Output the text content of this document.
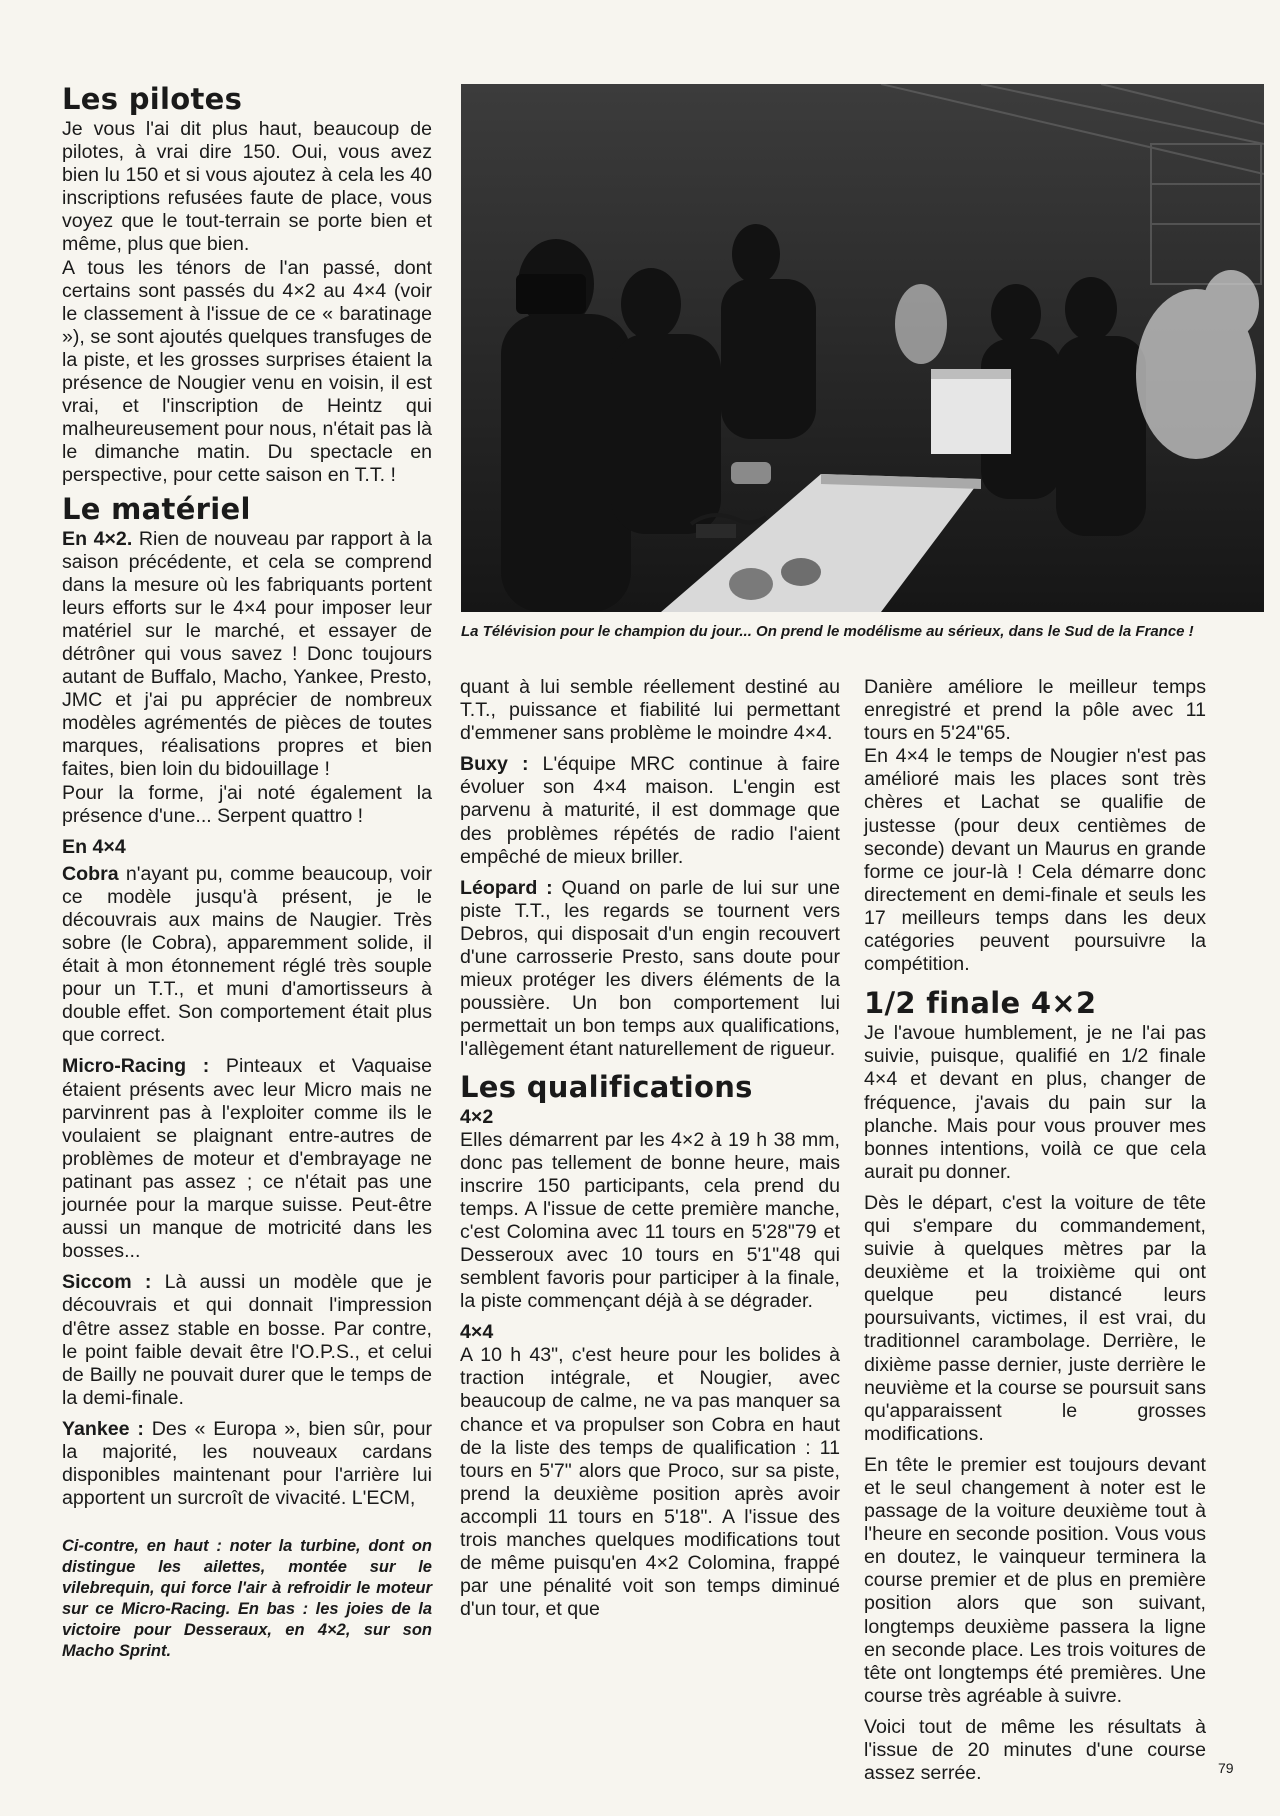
Les pilotes

Je vous l'ai dit plus haut, beaucoup de pilotes, à vrai dire 150. Oui, vous avez bien lu 150 et si vous ajoutez à cela les 40 inscriptions refusées faute de place, vous voyez que le tout-terrain se porte bien et même, plus que bien.

A tous les ténors de l'an passé, dont certains sont passés du 4×2 au 4×4 (voir le classement à l'issue de ce « baratinage »), se sont ajoutés quelques transfuges de la piste, et les grosses surprises étaient la présence de Nougier venu en voisin, il est vrai, et l'inscription de Heintz qui malheureusement pour nous, n'était pas là le dimanche matin. Du spectacle en perspective, pour cette saison en T.T. !

Le matériel

En 4×2. Rien de nouveau par rapport à la saison précédente, et cela se comprend dans la mesure où les fabriquants portent leurs efforts sur le 4×4 pour imposer leur matériel sur le marché, et essayer de détrôner qui vous savez ! Donc toujours autant de Buffalo, Macho, Yankee, Presto, JMC et j'ai pu apprécier de nombreux modèles agrémentés de pièces de toutes marques, réalisations propres et bien faites, bien loin du bidouillage !

Pour la forme, j'ai noté également la présence d'une... Serpent quattro !

En 4×4

Cobra n'ayant pu, comme beaucoup, voir ce modèle jusqu'à présent, je le découvrais aux mains de Naugier. Très sobre (le Cobra), apparemment solide, il était à mon étonnement réglé très souple pour un T.T., et muni d'amortisseurs à double effet. Son comportement était plus que correct.

Micro-Racing : Pinteaux et Vaquaise étaient présents avec leur Micro mais ne parvinrent pas à l'exploiter comme ils le voulaient se plaignant entre-autres de problèmes de moteur et d'embrayage ne patinant pas assez ; ce n'était pas une journée pour la marque suisse. Peut-être aussi un manque de motricité dans les bosses...

Siccom : Là aussi un modèle que je découvrais et qui donnait l'impression d'être assez stable en bosse. Par contre, le point faible devait être l'O.P.S., et celui de Bailly ne pouvait durer que le temps de la demi-finale.

Yankee : Des « Europa », bien sûr, pour la majorité, les nouveaux cardans disponibles maintenant pour l'arrière lui apportent un surcroît de vivacité. L'ECM,

Ci-contre, en haut : noter la turbine, dont on distingue les ailettes, montée sur le vilebrequin, qui force l'air à refroidir le moteur sur ce Micro-Racing. En bas : les joies de la victoire pour Desseraux, en 4×2, sur son Macho Sprint.

La Télévision pour le champion du jour... On prend le modélisme au sérieux, dans le Sud de la France !

quant à lui semble réellement destiné au T.T., puissance et fiabilité lui permettant d'emmener sans problème le moindre 4×4.

Buxy : L'équipe MRC continue à faire évoluer son 4×4 maison. L'engin est parvenu à maturité, il est dommage que des problèmes répétés de radio l'aient empêché de mieux briller.

Léopard : Quand on parle de lui sur une piste T.T., les regards se tournent vers Debros, qui disposait d'un engin recouvert d'une carrosserie Presto, sans doute pour mieux protéger les divers éléments de la poussière. Un bon comportement lui permettait un bon temps aux qualifications, l'allègement étant naturellement de rigueur.

Les qualifications
4×2

Elles démarrent par les 4×2 à 19 h 38 mm, donc pas tellement de bonne heure, mais inscrire 150 participants, cela prend du temps. A l'issue de cette première manche, c'est Colomina avec 11 tours en 5'28"79 et Desseroux avec 10 tours en 5'1"48 qui semblent favoris pour participer à la finale, la piste commençant déjà à se dégrader.

4×4

A 10 h 43", c'est heure pour les bolides à traction intégrale, et Nougier, avec beaucoup de calme, ne va pas manquer sa chance et va propulser son Cobra en haut de la liste des temps de qualification : 11 tours en 5'7" alors que Proco, sur sa piste, prend la deuxième position après avoir accompli 11 tours en 5'18". A l'issue des trois manches quelques modifications tout de même puisqu'en 4×2 Colomina, frappé par une pénalité voit son temps diminué d'un tour, et que

Danière améliore le meilleur temps enregistré et prend la pôle avec 11 tours en 5'24"65.

En 4×4 le temps de Nougier n'est pas amélioré mais les places sont très chères et Lachat se qualifie de justesse (pour deux centièmes de seconde) devant un Maurus en grande forme ce jour-là ! Cela démarre donc directement en demi-finale et seuls les 17 meilleurs temps dans les deux catégories peuvent poursuivre la compétition.

1/2 finale 4×2

Je l'avoue humblement, je ne l'ai pas suivie, puisque, qualifié en 1/2 finale 4×4 et devant en plus, changer de fréquence, j'avais du pain sur la planche. Mais pour vous prouver mes bonnes intentions, voilà ce que cela aurait pu donner.

Dès le départ, c'est la voiture de tête qui s'empare du commandement, suivie à quelques mètres par la deuxième et la troixième qui ont quelque peu distancé leurs poursuivants, victimes, il est vrai, du traditionnel carambolage. Derrière, le dixième passe dernier, juste derrière le neuvième et la course se poursuit sans qu'apparaissent le grosses modifications.

En tête le premier est toujours devant et le seul changement à noter est le passage de la voiture deuxième tout à l'heure en seconde position. Vous vous en doutez, le vainqueur terminera la course premier et de plus en première position alors que son suivant, longtemps deuxième passera la ligne en seconde place. Les trois voitures de tête ont longtemps été premières. Une course très agréable à suivre.

Voici tout de même les résultats à l'issue de 20 minutes d'une course assez serrée.	79
